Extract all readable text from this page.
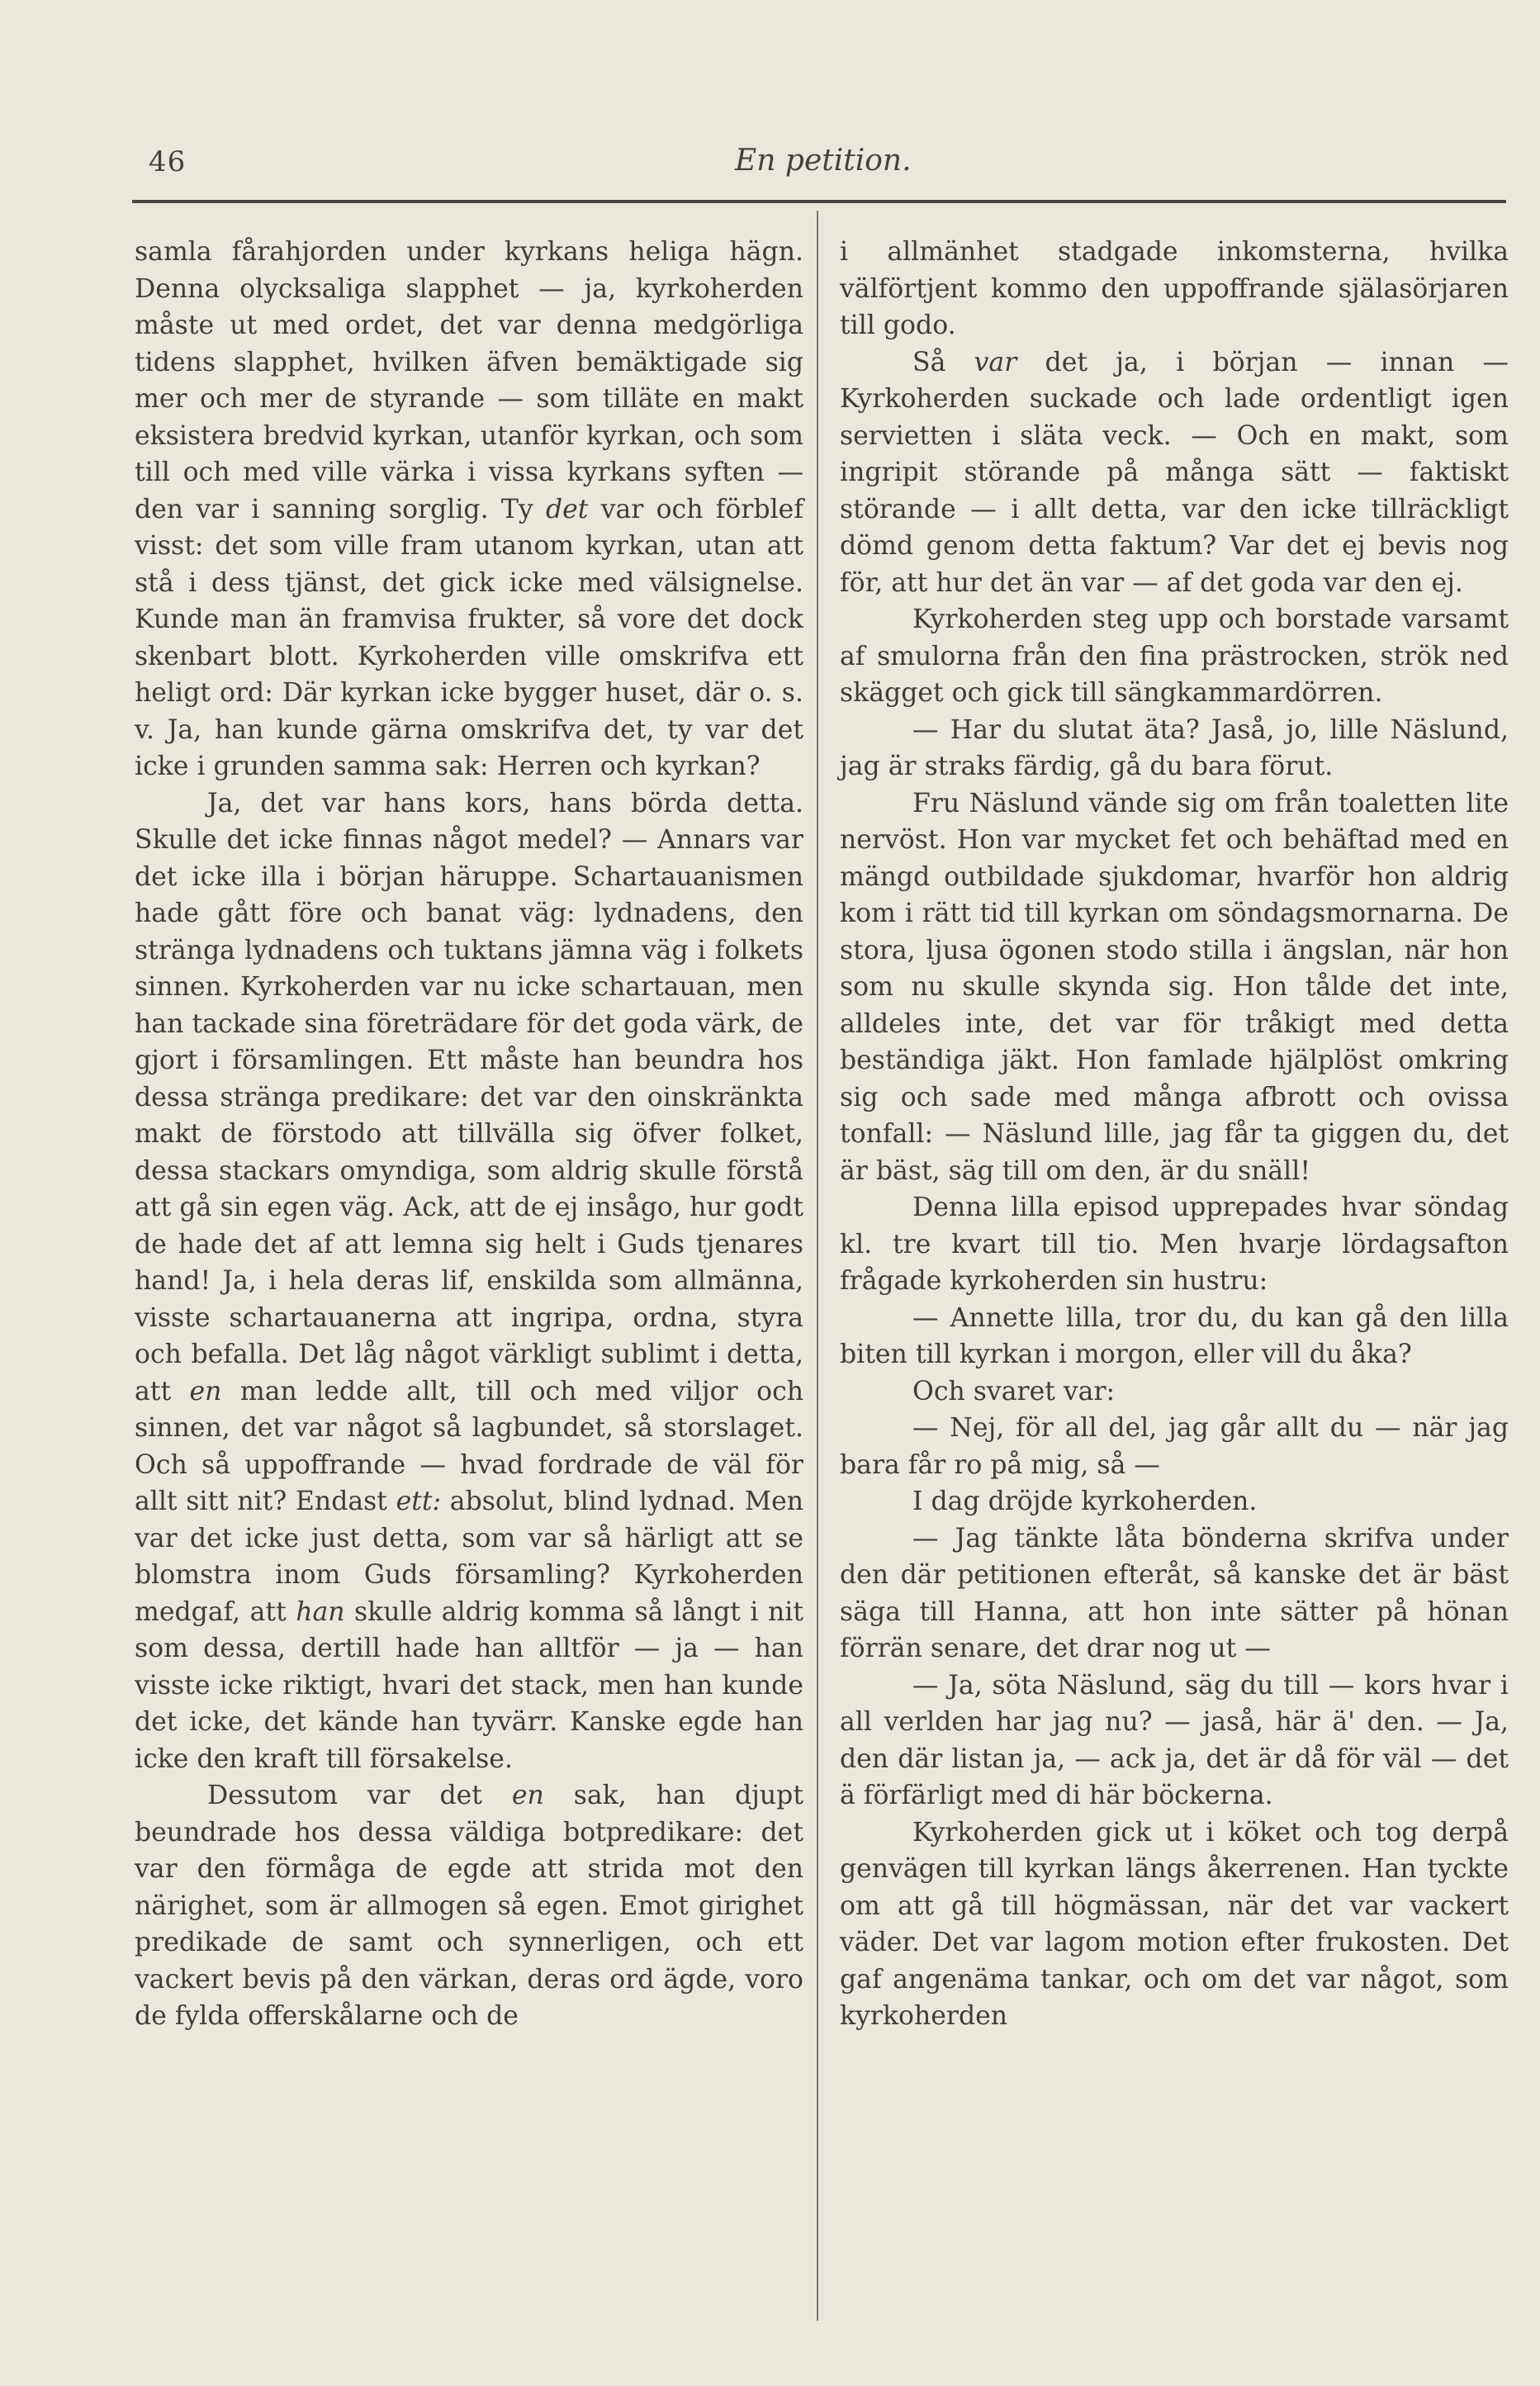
46	En petition.

samla fårahjorden under kyrkans heliga hägn. Denna olycksaliga slapphet — ja, kyrkoherden måste ut med ordet, det var denna medgörliga tidens slapphet, hvilken äfven bemäktigade sig mer och mer de styrande — som tilläte en makt eksistera bredvid kyrkan, utanför kyrkan, och som till och med ville värka i vissa kyrkans syften — den var i sanning sorglig. Ty det var och förblef visst: det som ville fram utanom kyrkan, utan att stå i dess tjänst, det gick icke med välsignelse. Kunde man än framvisa frukter, så vore det dock skenbart blott. Kyrkoherden ville omskrifva ett heligt ord: Där kyrkan icke bygger huset, där o. s. v. Ja, han kunde gärna omskrifva det, ty var det icke i grunden samma sak: Herren och kyrkan?

Ja, det var hans kors, hans börda detta. Skulle det icke finnas något medel? — Annars var det icke illa i början häruppe. Schartauanismen hade gått före och banat väg: lydnadens, den stränga lydnadens och tuktans jämna väg i folkets sinnen. Kyrkoherden var nu icke schartauan, men han tackade sina företrädare för det goda värk, de gjort i församlingen. Ett måste han beundra hos dessa stränga predikare: det var den oinskränkta makt de förstodo att tillvälla sig öfver folket, dessa stackars omyndiga, som aldrig skulle förstå att gå sin egen väg. Ack, att de ej insågo, hur godt de hade det af att lemna sig helt i Guds tjenares hand! Ja, i hela deras lif, enskilda som allmänna, visste schartauanerna att ingripa, ordna, styra och befalla. Det låg något värkligt sublimt i detta, att en man ledde allt, till och med viljor och sinnen, det var något så lagbundet, så storslaget. Och så uppoffrande — hvad fordrade de väl för allt sitt nit? Endast ett: absolut, blind lydnad. Men var det icke just detta, som var så härligt att se blomstra inom Guds församling? Kyrkoherden medgaf, att han skulle aldrig komma så långt i nit som dessa, dertill hade han alltför — ja — han visste icke riktigt, hvari det stack, men han kunde det icke, det kände han tyvärr. Kanske egde han icke den kraft till försakelse.

Dessutom var det en sak, han djupt beundrade hos dessa väldiga botpredikare: det var den förmåga de egde att strida mot den närighet, som är allmogen så egen. Emot girighet predikade de samt och synnerligen, och ett vackert bevis på den värkan, deras ord ägde, voro de fylda offerskålarne och de

i allmänhet stadgade inkomsterna, hvilka välförtjent kommo den uppoffrande själasörjaren till godo.

Så var det ja, i början — innan — Kyrkoherden suckade och lade ordentligt igen servietten i släta veck. — Och en makt, som ingripit störande på många sätt — faktiskt störande — i allt detta, var den icke tillräckligt dömd genom detta faktum? Var det ej bevis nog för, att hur det än var — af det goda var den ej.

Kyrkoherden steg upp och borstade varsamt af smulorna från den fina prästrocken, strök ned skägget och gick till sängkammardörren.

— Har du slutat äta? Jaså, jo, lille Näslund, jag är straks färdig, gå du bara förut.

Fru Näslund vände sig om från toaletten lite nervöst. Hon var mycket fet och behäftad med en mängd outbildade sjukdomar, hvarför hon aldrig kom i rätt tid till kyrkan om söndagsmornarna. De stora, ljusa ögonen stodo stilla i ängslan, när hon som nu skulle skynda sig. Hon tålde det inte, alldeles inte, det var för tråkigt med detta beständiga jäkt. Hon famlade hjälplöst omkring sig och sade med många afbrott och ovissa tonfall: — Näslund lille, jag får ta giggen du, det är bäst, säg till om den, är du snäll!

Denna lilla episod upprepades hvar söndag kl. tre kvart till tio. Men hvarje lördagsafton frågade kyrkoherden sin hustru:

— Annette lilla, tror du, du kan gå den lilla biten till kyrkan i morgon, eller vill du åka?

Och svaret var:

— Nej, för all del, jag går allt du — när jag bara får ro på mig, så —

I dag dröjde kyrkoherden.

— Jag tänkte låta bönderna skrifva under den där petitionen efteråt, så kanske det är bäst säga till Hanna, att hon inte sätter på hönan förrän senare, det drar nog ut —

— Ja, söta Näslund, säg du till — kors hvar i all verlden har jag nu? — jaså, här ä' den. — Ja, den där listan ja, — ack ja, det är då för väl — det ä förfärligt med di här böckerna.

Kyrkoherden gick ut i köket och tog derpå genvägen till kyrkan längs åkerrenen. Han tyckte om att gå till högmässan, när det var vackert väder. Det var lagom motion efter frukosten. Det gaf angenäma tankar, och om det var något, som kyrkoherden
